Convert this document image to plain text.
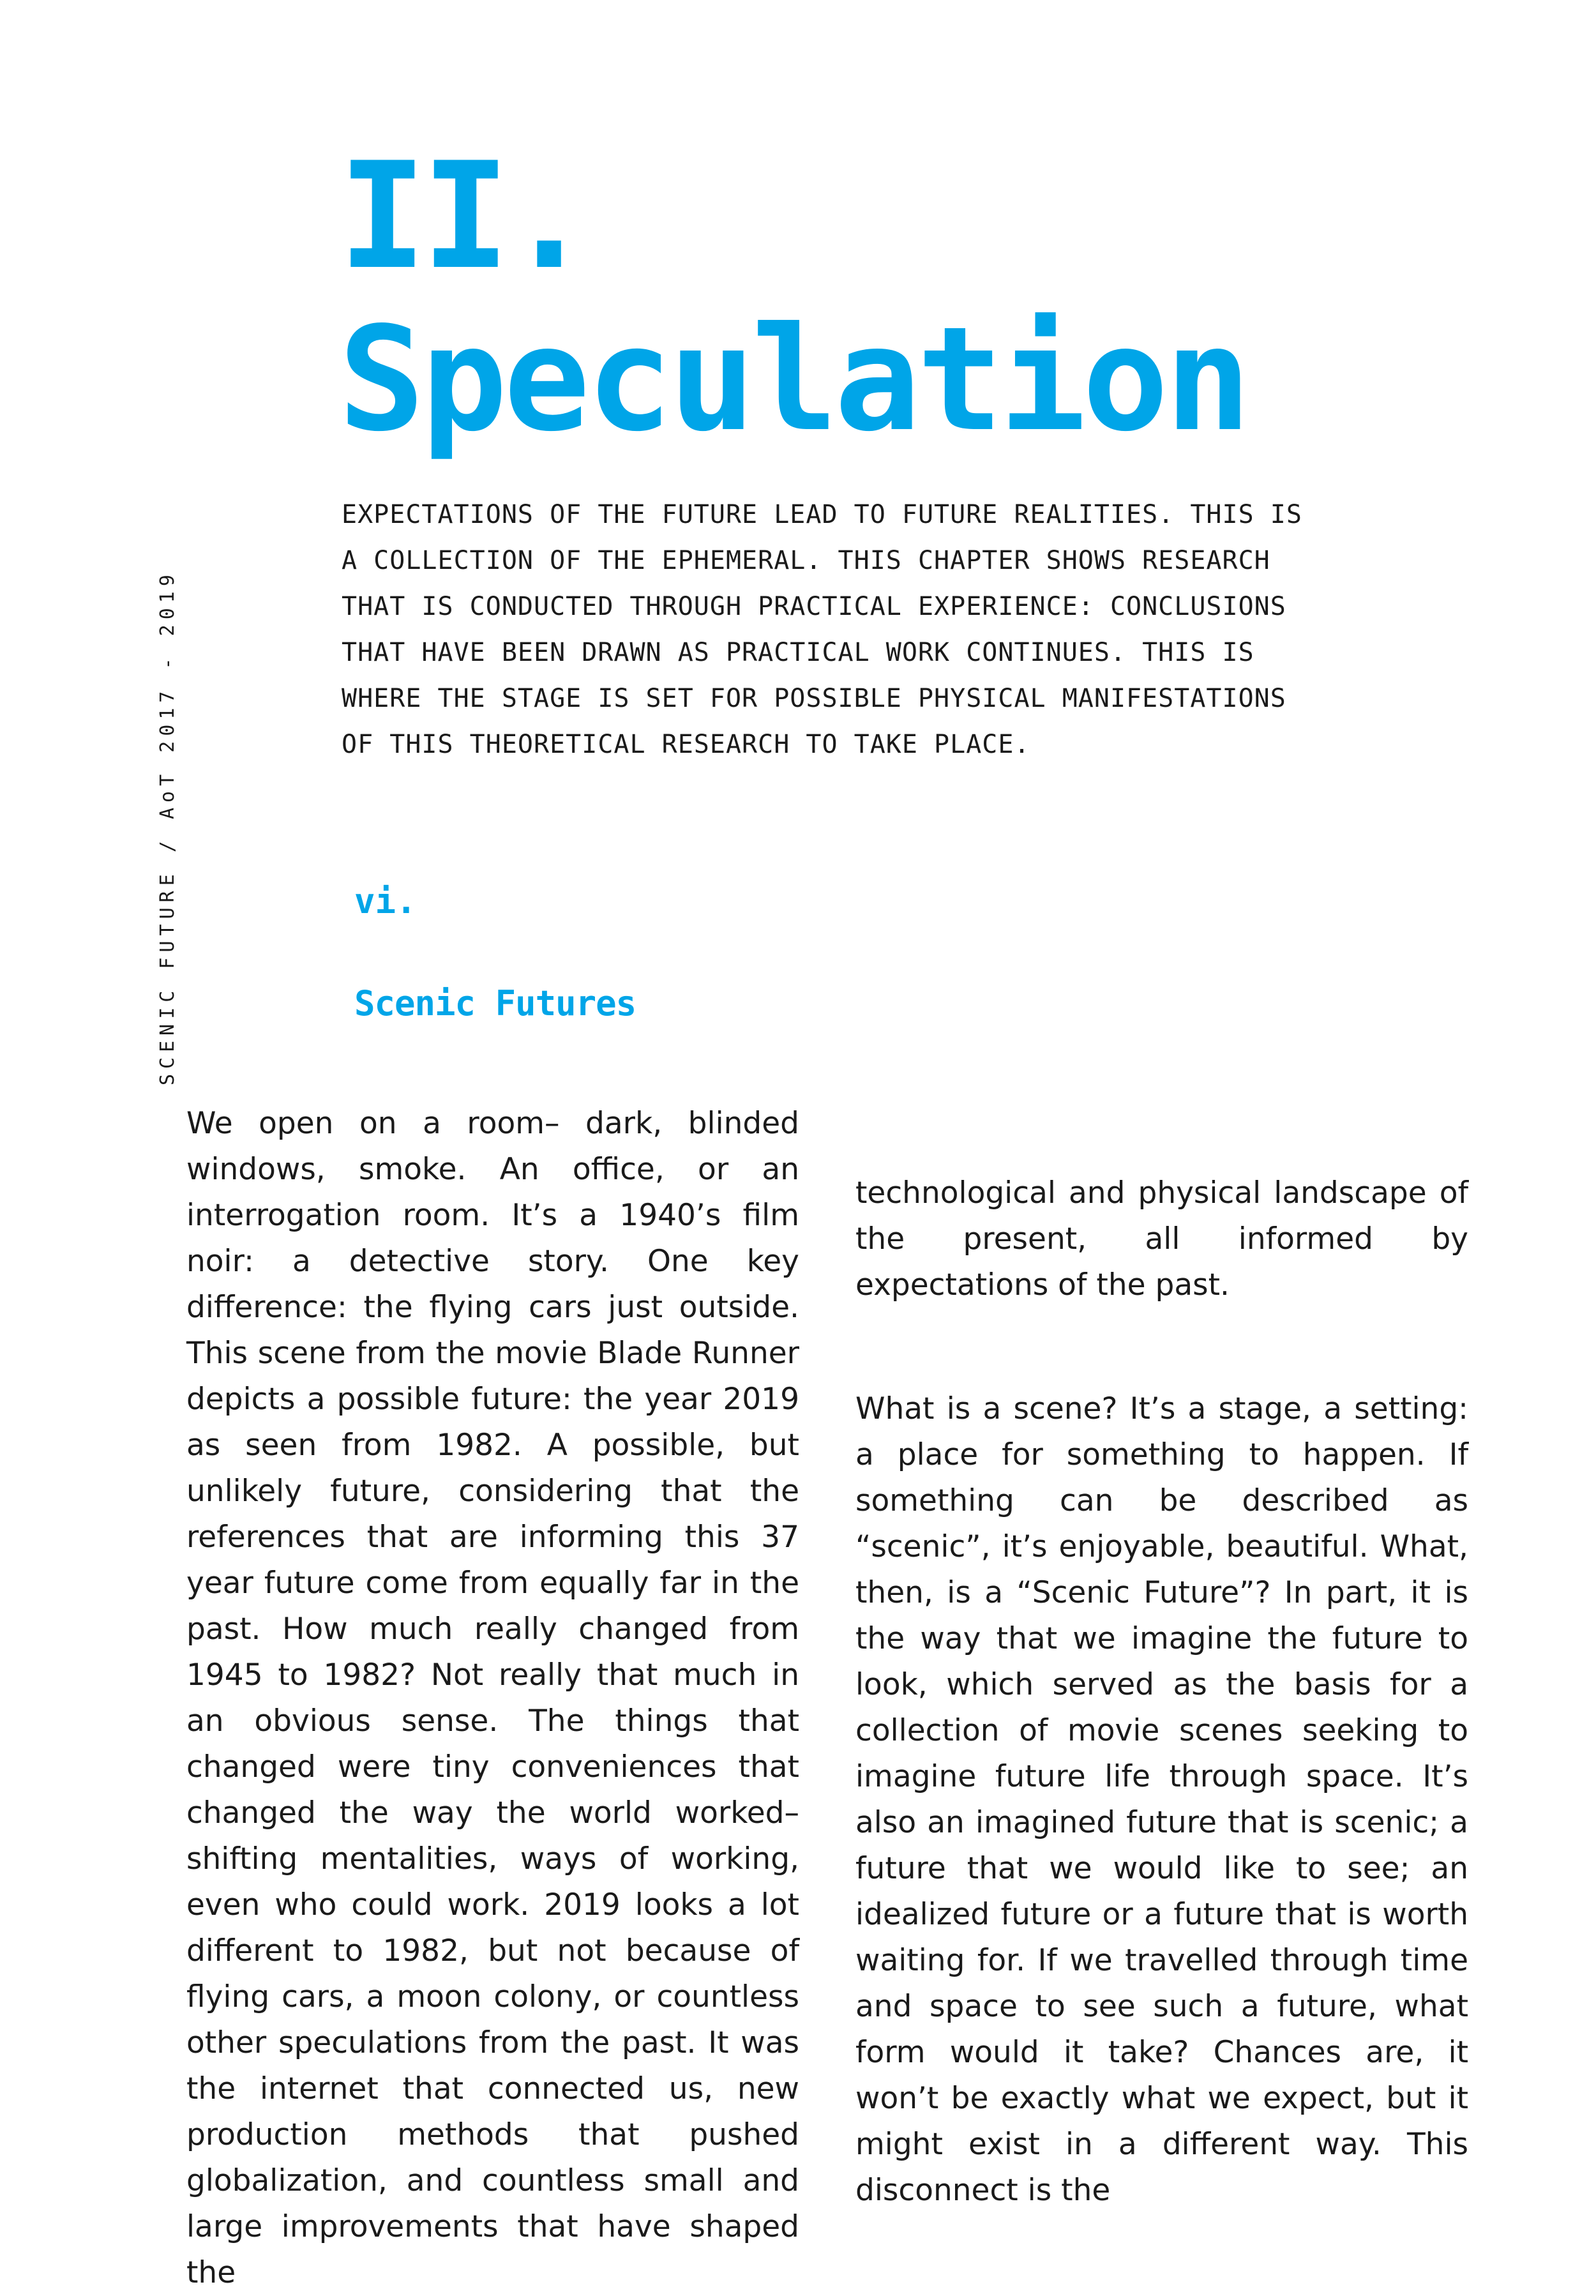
II.
Speculation

EXPECTATIONS OF THE FUTURE LEAD TO FUTURE REALITIES. THIS IS A COLLECTION OF THE EPHEMERAL. THIS CHAPTER SHOWS RESEARCH THAT IS CONDUCTED THROUGH PRACTICAL EXPERIENCE: CONCLUSIONS THAT HAVE BEEN DRAWN AS PRACTICAL WORK CONTINUES. THIS IS WHERE THE STAGE IS SET FOR POSSIBLE PHYSICAL MANIFESTATIONS OF THIS THEORETICAL RESEARCH TO TAKE PLACE.

SCENIC FUTURE / AoT 2017 - 2019	vi.
Scenic Futures

We open on a room– dark, blinded windows, smoke. An office, or an interrogation room. It’s a 1940’s film noir: a detective story. One key difference: the flying cars just outside. This scene from the movie Blade Runner depicts a possible future: the year 2019 as seen from 1982. A possible, but unlikely future, considering that the references that are informing this 37 year future come from equally far in the past. How much really changed from 1945 to 1982? Not really that much in an obvious sense. The things that changed were tiny conveniences that changed the way the world worked– shifting mentalities, ways of working, even who could work. 2019 looks a lot different to 1982, but not because of flying cars, a moon colony, or countless other speculations from the past. It was the internet that connected us, new production methods that pushed globalization, and countless small and large improvements that have shaped the

technological and physical landscape of the present, all informed by expectations of the past.

What is a scene? It’s a stage, a setting: a place for something to happen. If something can be described as “scenic”, it’s enjoyable, beautiful. What, then, is a “Scenic Future”? In part, it is the way that we imagine the future to look, which served as the basis for a collection of movie scenes seeking to imagine future life through space. It’s also an imagined future that is scenic; a future that we would like to see; an idealized future or a future that is worth waiting for. If we travelled through time and space to see such a future, what form would it take? Chances are, it won’t be exactly what we expect, but it might exist in a different way. This disconnect is the
